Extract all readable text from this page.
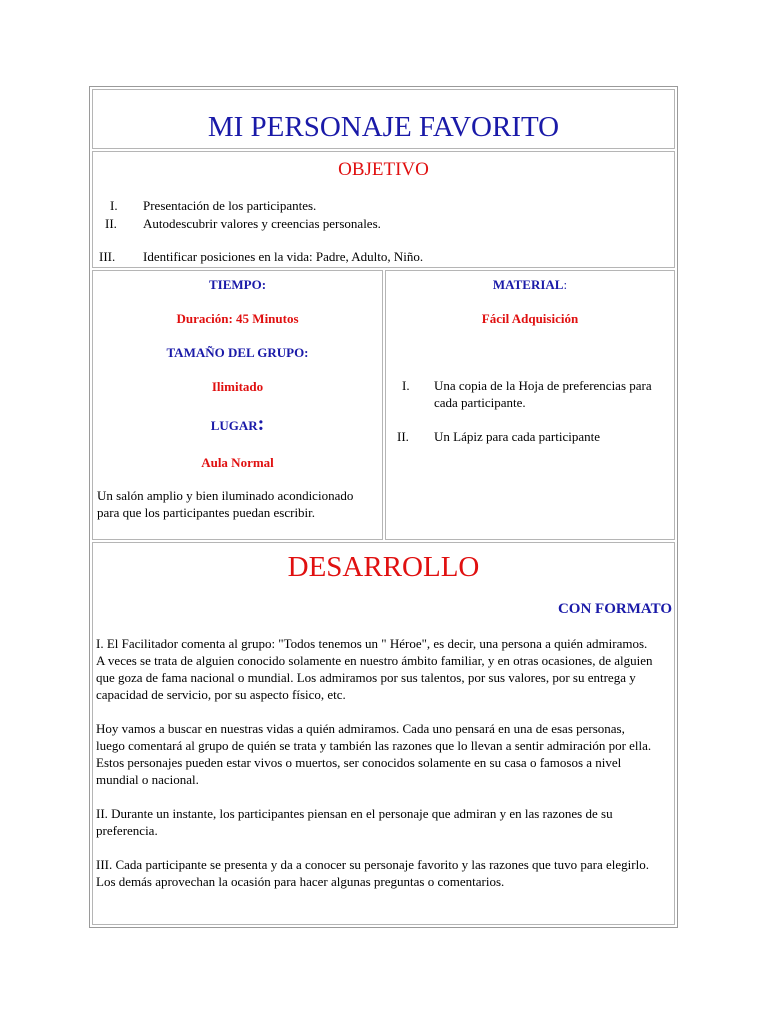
MI PERSONAJE FAVORITO
OBJETIVO
I. Presentación de los participantes.
II. Autodescubrir valores y creencias personales.
III. Identificar posiciones en la vida: Padre, Adulto, Niño.
TIEMPO:
Duración: 45 Minutos
TAMAÑO DEL GRUPO:
Ilimitado
LUGAR:
Aula Normal
Un salón amplio y bien iluminado acondicionado para que los participantes puedan escribir.
MATERIAL:
Fácil Adquisición
I. Una copia de la Hoja de preferencias para cada participante.
II. Un Lápiz para cada participante
DESARROLLO
CON FORMATO

I. El Facilitador comenta al grupo: "Todos tenemos un " Héroe", es decir, una persona a quién admiramos. A veces se trata de alguien conocido solamente en nuestro ámbito familiar, y en otras ocasiones, de alguien que goza de fama nacional o mundial. Los admiramos por sus talentos, por sus valores, por su entrega y capacidad de servicio, por su aspecto físico, etc.

Hoy vamos a buscar en nuestras vidas a quién admiramos. Cada uno pensará en una de esas personas, luego comentará al grupo de quién se trata y también las razones que lo llevan a sentir admiración por ella. Estos personajes pueden estar vivos o muertos, ser conocidos solamente en su casa o famosos a nivel mundial o nacional.

II. Durante un instante, los participantes piensan en el personaje que admiran y en las razones de su preferencia.

III. Cada participante se presenta y da a conocer su personaje favorito y las razones que tuvo para elegirlo. Los demás aprovechan la ocasión para hacer algunas preguntas o comentarios.
